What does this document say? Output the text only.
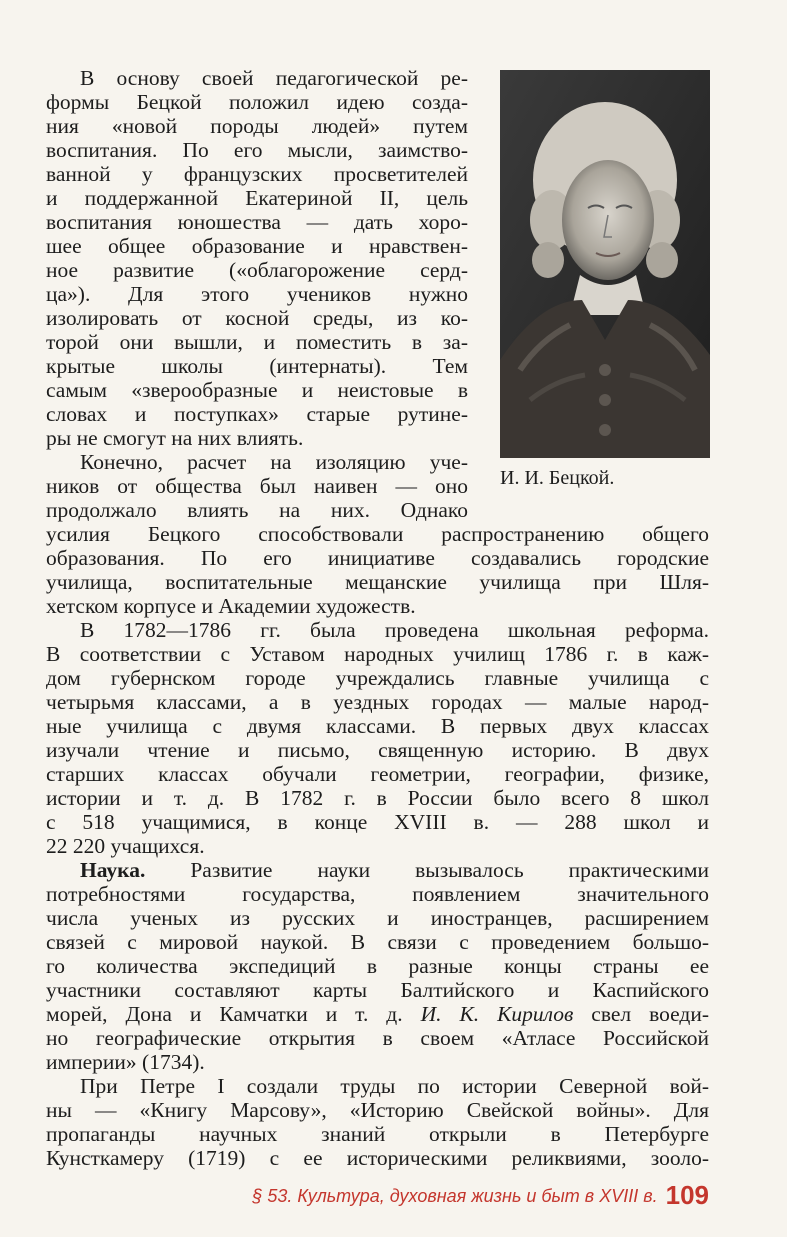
В основу своей педагогической ре-
формы Бецкой положил идею созда-
ния «новой породы людей» путем
воспитания. По его мысли, заимство-
ванной у французских просветителей
и поддержанной Екатериной II, цель
воспитания юношества — дать хоро-
шее общее образование и нравствен-
ное развитие («облагорожение серд-
ца»). Для этого учеников нужно
изолировать от косной среды, из ко-
торой они вышли, и поместить в за-
крытые школы (интернаты). Тем
самым «зверообразные и неистовые в
словах и поступках» старые рутине-
ры не смогут на них влиять.
Конечно, расчет на изоляцию уче-
ников от общества был наивен — оно
продолжало влиять на них. Однако
усилия Бецкого способствовали распространению общего
образования. По его инициативе создавались городские
училища, воспитательные мещанские училища при Шля-
хетском корпусе и Академии художеств.
В 1782—1786 гг. была проведена школьная реформа.
В соответствии с Уставом народных училищ 1786 г. в каж-
дом губернском городе учреждались главные училища с
четырьмя классами, а в уездных городах — малые народ-
ные училища с двумя классами. В первых двух классах
изучали чтение и письмо, священную историю. В двух
старших классах обучали геометрии, географии, физике,
истории и т. д. В 1782 г. в России было всего 8 школ
с 518 учащимися, в конце XVIII в. — 288 школ и
22 220 учащихся.
Наука. Развитие науки вызывалось практическими
потребностями государства, появлением значительного
числа ученых из русских и иностранцев, расширением
связей с мировой наукой. В связи с проведением большо-
го количества экспедиций в разные концы страны ее
участники составляют карты Балтийского и Каспийского
морей, Дона и Камчатки и т. д. И. К. Кирилов свел воеди-
но географические открытия в своем «Атласе Российской
империи» (1734).
При Петре I создали труды по истории Северной вой-
ны — «Книгу Марсову», «Историю Свейской войны». Для
пропаганды научных знаний открыли в Петербурге
И. И. Бецкой.
Кунсткамеру (1719) с ее историческими реликвиями, зооло-
§ 53. Культура, духовная жизнь и быт в XVIII в. 109
